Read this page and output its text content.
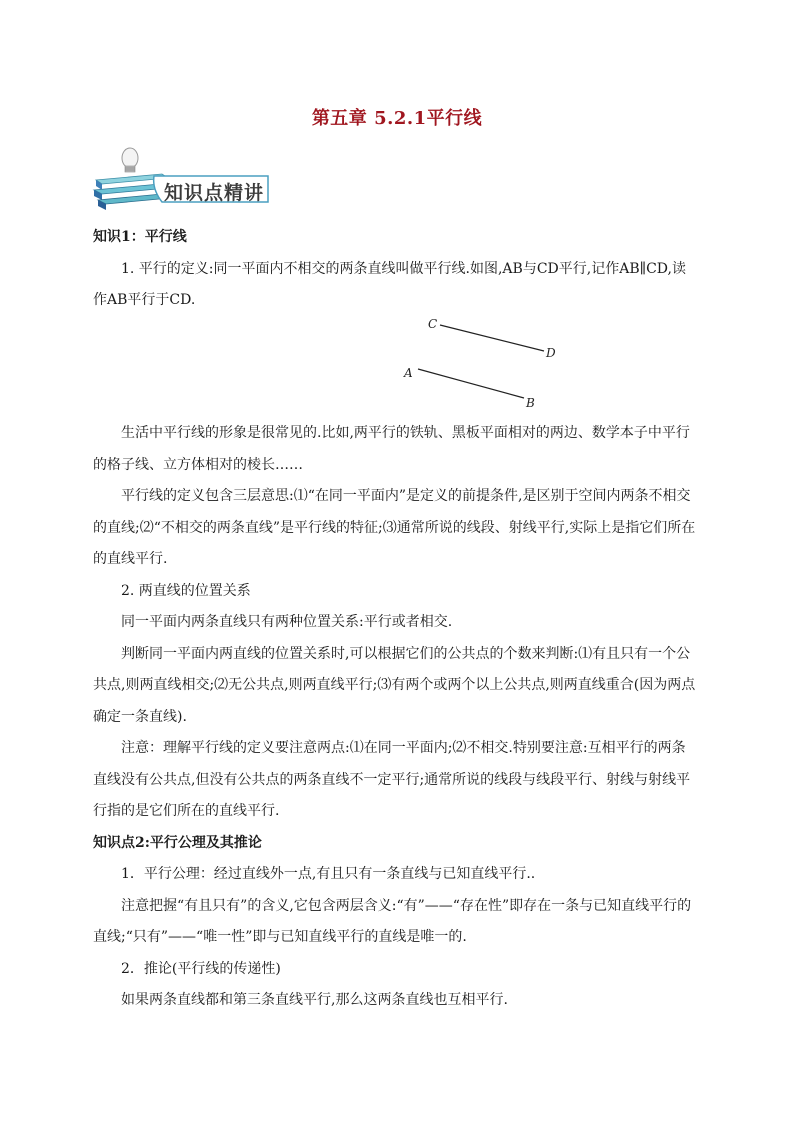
第五章 5.2.1平行线
知识点精讲

知识1：平行线

1. 平行的定义:同一平面内不相交的两条直线叫做平行线.如图,AB与CD平行,记作AB∥CD,读作AB平行于CD.

C
D
A
B

生活中平行线的形象是很常见的.比如,两平行的铁轨、黑板平面相对的两边、数学本子中平行的格子线、立方体相对的棱长……

平行线的定义包含三层意思:⑴“在同一平面内”是定义的前提条件,是区别于空间内两条不相交的直线;⑵“不相交的两条直线”是平行线的特征;⑶通常所说的线段、射线平行,实际上是指它们所在的直线平行.

2. 两直线的位置关系

同一平面内两条直线只有两种位置关系:平行或者相交.

判断同一平面内两直线的位置关系时,可以根据它们的公共点的个数来判断:⑴有且只有一个公共点,则两直线相交;⑵无公共点,则两直线平行;⑶有两个或两个以上公共点,则两直线重合(因为两点确定一条直线).

注意：理解平行线的定义要注意两点:⑴在同一平面内;⑵不相交.特别要注意:互相平行的两条直线没有公共点,但没有公共点的两条直线不一定平行;通常所说的线段与线段平行、射线与射线平行指的是它们所在的直线平行.

知识点2:平行公理及其推论

1．平行公理：经过直线外一点,有且只有一条直线与已知直线平行..

注意把握“有且只有”的含义,它包含两层含义:“有”——“存在性”即存在一条与已知直线平行的直线;“只有”——“唯一性”即与已知直线平行的直线是唯一的.

2．推论(平行线的传递性)

如果两条直线都和第三条直线平行,那么这两条直线也互相平行.
